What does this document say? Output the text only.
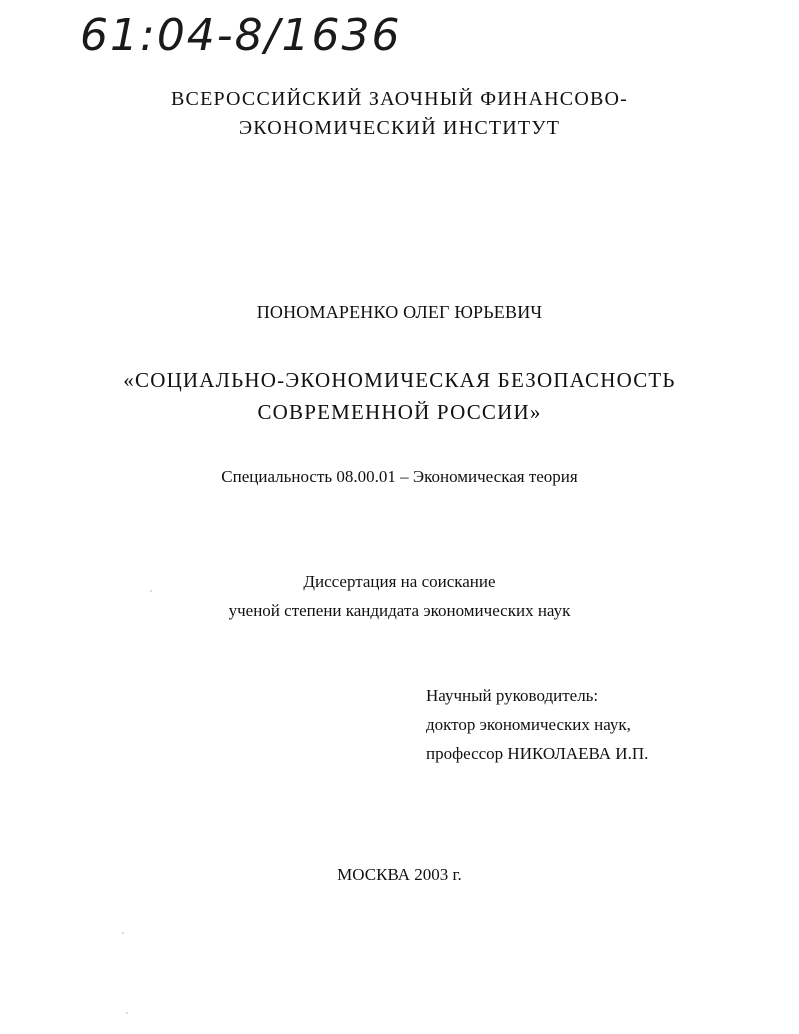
61:04-8/1636
ВСЕРОССИЙСКИЙ ЗАОЧНЫЙ ФИНАНСОВО-
ЭКОНОМИЧЕСКИЙ ИНСТИТУТ
ПОНОМАРЕНКО ОЛЕГ ЮРЬЕВИЧ
«СОЦИАЛЬНО-ЭКОНОМИЧЕСКАЯ БЕЗОПАСНОСТЬ
СОВРЕМЕННОЙ РОССИИ»
Специальность 08.00.01 – Экономическая теория
Диссертация на соискание
ученой степени кандидата экономических наук
Научный руководитель:
доктор экономических наук,
профессор НИКОЛАЕВА И.П.
МОСКВА 2003 г.
